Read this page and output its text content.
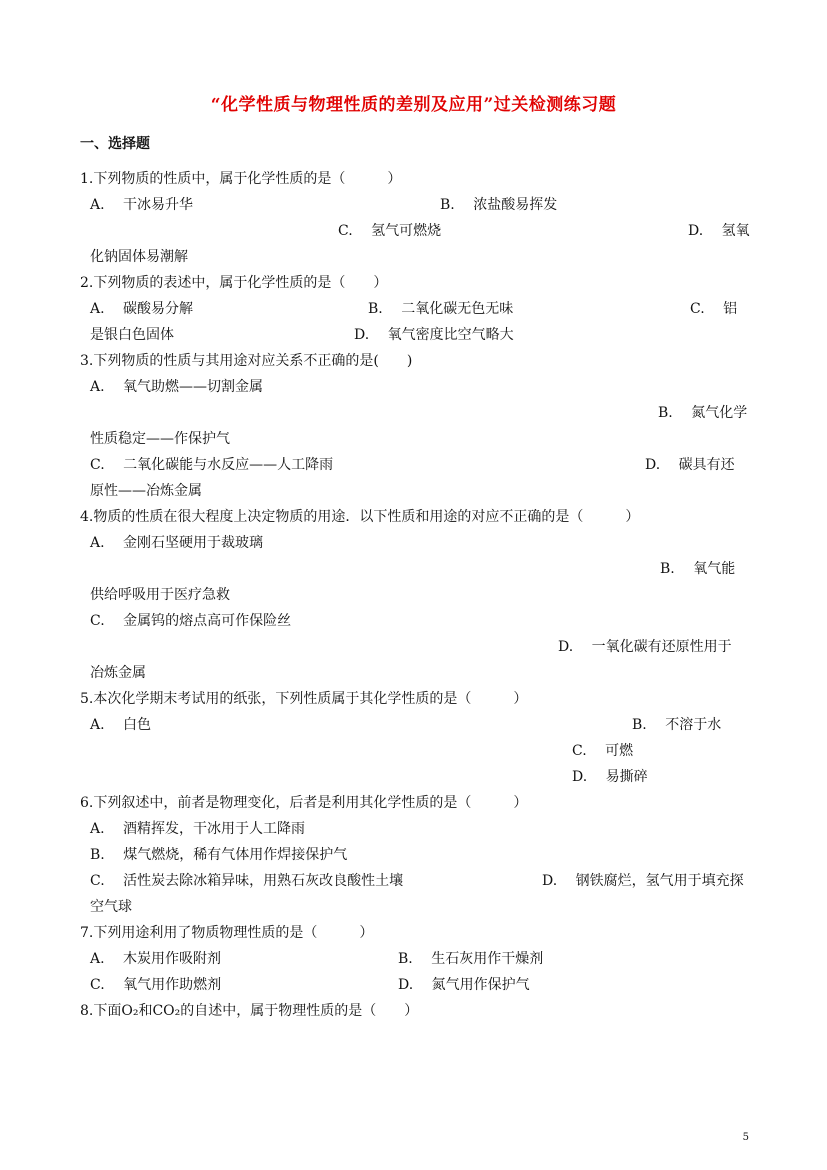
“化学性质与物理性质的差别及应用”过关检测练习题
一、选择题
1.下列物质的性质中，属于化学性质的是（　　　）
A.　 干冰易升华	B.　 浓盐酸易挥发
C.　 氢气可燃烧	D.　 氢氧
化钠固体易潮解
2.下列物质的表述中，属于化学性质的是（　　）
A.　 碳酸易分解	B.　 二氧化碳无色无味	C.　 铝
是银白色固体	D.　 氧气密度比空气略大
3.下列物质的性质与其用途对应关系不正确的是(　　)
A.　 氧气助燃——切割金属
B.　 氮气化学
性质稳定——作保护气
C.　 二氧化碳能与水反应——人工降雨	D.　 碳具有还
原性——冶炼金属
4.物质的性质在很大程度上决定物质的用途．以下性质和用途的对应不正确的是（　　　）
A.　 金刚石坚硬用于裁玻璃
B.　 氧气能
供给呼吸用于医疗急救
C.　 金属钨的熔点高可作保险丝
D.　 一氧化碳有还原性用于
冶炼金属
5.本次化学期末考试用的纸张，下列性质属于其化学性质的是（　　　）
A.　 白色	B.　 不溶于水
C.　 可燃
D.　 易撕碎
6.下列叙述中，前者是物理变化，后者是利用其化学性质的是（　　　）
A.　 酒精挥发，干冰用于人工降雨
B.　 煤气燃烧，稀有气体用作焊接保护气
C.　 活性炭去除冰箱异味，用熟石灰改良酸性土壤	D.　 钢铁腐烂，氢气用于填充探
空气球
7.下列用途利用了物质物理性质的是（　　　）
A.　 木炭用作吸附剂	B.　 生石灰用作干燥剂
C.　 氧气用作助燃剂	D.　 氮气用作保护气
8.下面O₂和CO₂的自述中，属于物理性质的是（　　）
5
